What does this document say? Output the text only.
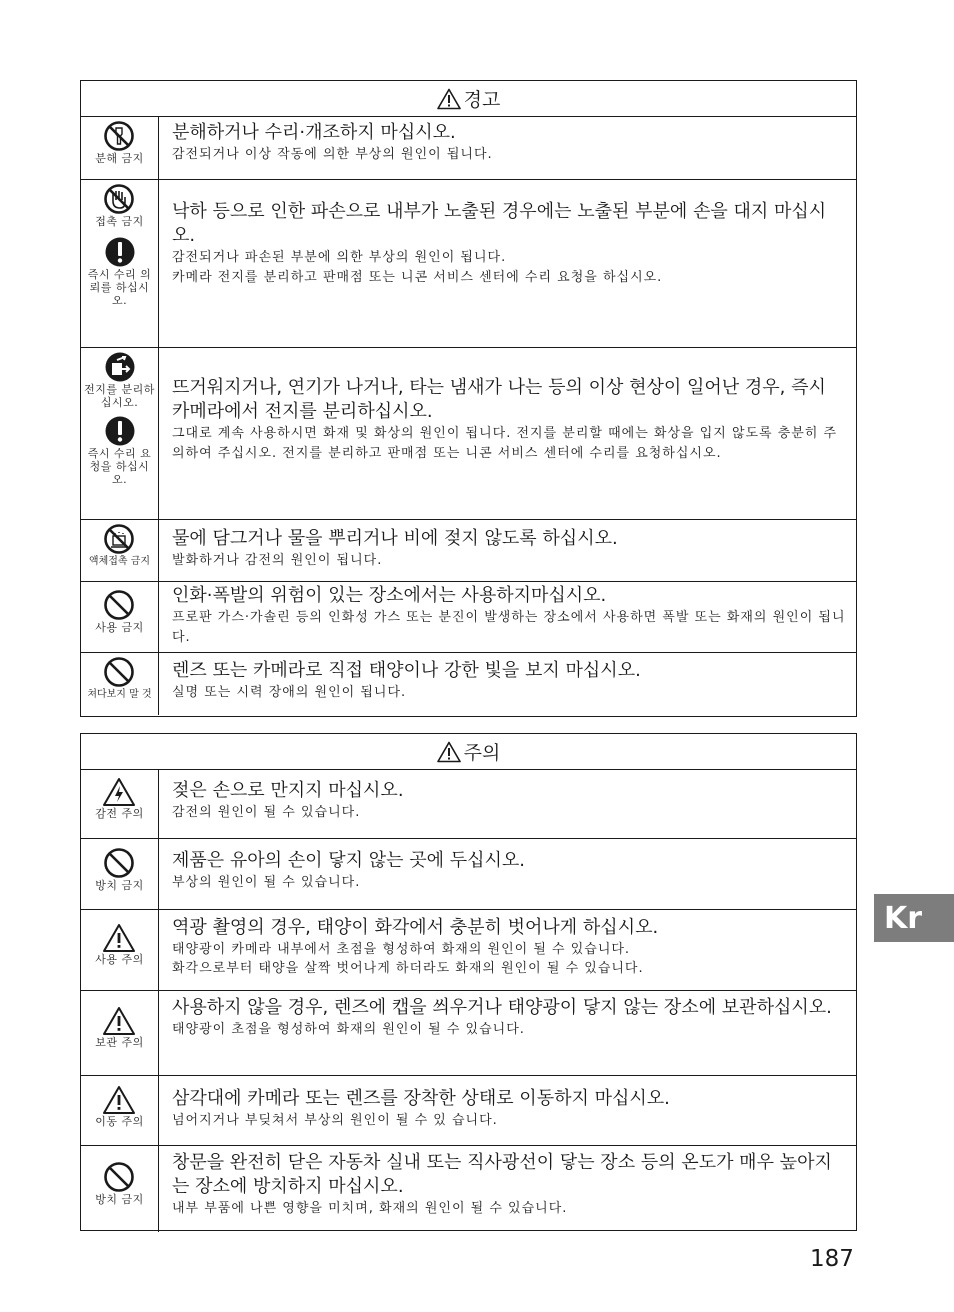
경고
분해 금지
분해하거나 수리·개조하지 마십시오.
감전되거나 이상 작동에 의한 부상의 원인이 됩니다.
접촉 금지
즉시 수리 의뢰를 하십시오.
낙하 등으로 인한 파손으로 내부가 노출된 경우에는 노출된 부분에 손을 대지 마십시오.
감전되거나 파손된 부분에 의한 부상의 원인이 됩니다.
카메라 전지를 분리하고 판매점 또는 니콘 서비스 센터에 수리 요청을 하십시오.
전지를 분리하십시오.
즉시 수리 요청을 하십시오.
뜨거워지거나, 연기가 나거나, 타는 냄새가 나는 등의 이상 현상이 일어난 경우, 즉시 카메라에서 전지를 분리하십시오.
그대로 계속 사용하시면 화재 및 화상의 원인이 됩니다. 전지를 분리할 때에는 화상을 입지 않도록 충분히 주의하여 주십시오. 전지를 분리하고 판매점 또는 니콘 서비스 센터에 수리를 요청하십시오.
액체접촉 금지
물에 담그거나 물을 뿌리거나 비에 젖지 않도록 하십시오.
발화하거나 감전의 원인이 됩니다.
사용 금지
인화·폭발의 위험이 있는 장소에서는 사용하지마십시오.
프로판 가스·가솔린 등의 인화성 가스 또는 분진이 발생하는 장소에서 사용하면 폭발 또는 화재의 원인이 됩니다.
쳐다보지 말 것
렌즈 또는 카메라로 직접 태양이나 강한 빛을 보지 마십시오.
실명 또는 시력 장애의 원인이 됩니다.
주의
감전 주의
젖은 손으로 만지지 마십시오.
감전의 원인이 될 수 있습니다.
방치 금지
제품은 유아의 손이 닿지 않는 곳에 두십시오.
부상의 원인이 될 수 있습니다.
사용 주의
역광 촬영의 경우, 태양이 화각에서 충분히 벗어나게 하십시오.
태양광이 카메라 내부에서 초점을 형성하여 화재의 원인이 될 수 있습니다.
화각으로부터 태양을 살짝 벗어나게 하더라도 화재의 원인이 될 수 있습니다.
보관 주의
사용하지 않을 경우, 렌즈에 캡을 씌우거나 태양광이 닿지 않는 장소에 보관하십시오.
태양광이 초점을 형성하여 화재의 원인이 될 수 있습니다.
이동 주의
삼각대에 카메라 또는 렌즈를 장착한 상태로 이동하지 마십시오.
넘어지거나 부딪쳐서 부상의 원인이 될 수 있 습니다.
방치 금지
창문을 완전히 닫은 자동차 실내 또는 직사광선이 닿는 장소 등의 온도가 매우 높아지는 장소에 방치하지 마십시오.
내부 부품에 나쁜 영향을 미치며, 화재의 원인이 될 수 있습니다.
Kr
187
